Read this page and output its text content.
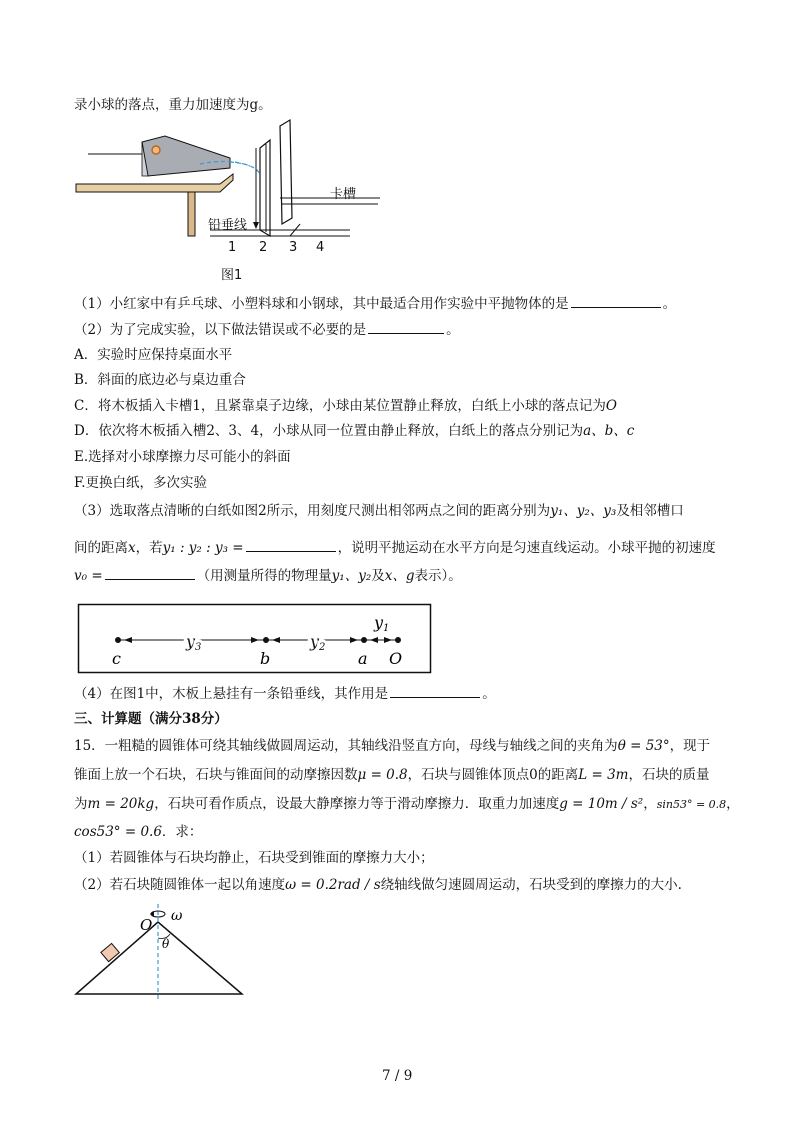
录小球的落点，重力加速度为g。
卡槽
铅垂线
1 2 3 4
图1
（1）小红家中有乒乓球、小塑料球和小钢球，其中最适合用作实验中平抛物体的是	。
（2）为了完成实验，以下做法错误或不必要的是	。
A．实验时应保持桌面水平
B．斜面的底边必与桌边重合
C．将木板插入卡槽1，且紧靠桌子边缘，小球由某位置静止释放，白纸上小球的落点记为O
D．依次将木板插入槽2、3、4，小球从同一位置由静止释放，白纸上的落点分别记为a、b、c
E.选择对小球摩擦力尽可能小的斜面
F.更换白纸，多次实验
（3）选取落点清晰的白纸如图2所示，用刻度尺测出相邻两点之间的距离分别为y₁、y₂、y₃及相邻槽口
间的距离x，若y₁ : y₂ : y₃ =	，说明平抛运动在水平方向是匀速直线运动。小球平抛的初速度
v₀ =	（用测量所得的物理量y₁、y₂及x、g表示）。
c	b	a O
y3	y2
y1
（4）在图1中，木板上悬挂有一条铅垂线，其作用是	。
三、计算题（满分38分）
15．一粗糙的圆锥体可绕其轴线做圆周运动，其轴线沿竖直方向，母线与轴线之间的夹角为θ = 53°，现于
锥面上放一个石块，石块与锥面间的动摩擦因数μ = 0.8，石块与圆锥体顶点0的距离L = 3m，石块的质量
为m = 20kg，石块可看作质点，设最大静摩擦力等于滑动摩擦力．取重力加速度g = 10m / s²，sin53° = 0.8，
cos53° = 0.6．求：
（1）若圆锥体与石块均静止，石块受到锥面的摩擦力大小；
（2）若石块随圆锥体一起以角速度ω = 0.2rad / s绕轴线做匀速圆周运动，石块受到的摩擦力的大小.
O ω
θ
7 / 9
